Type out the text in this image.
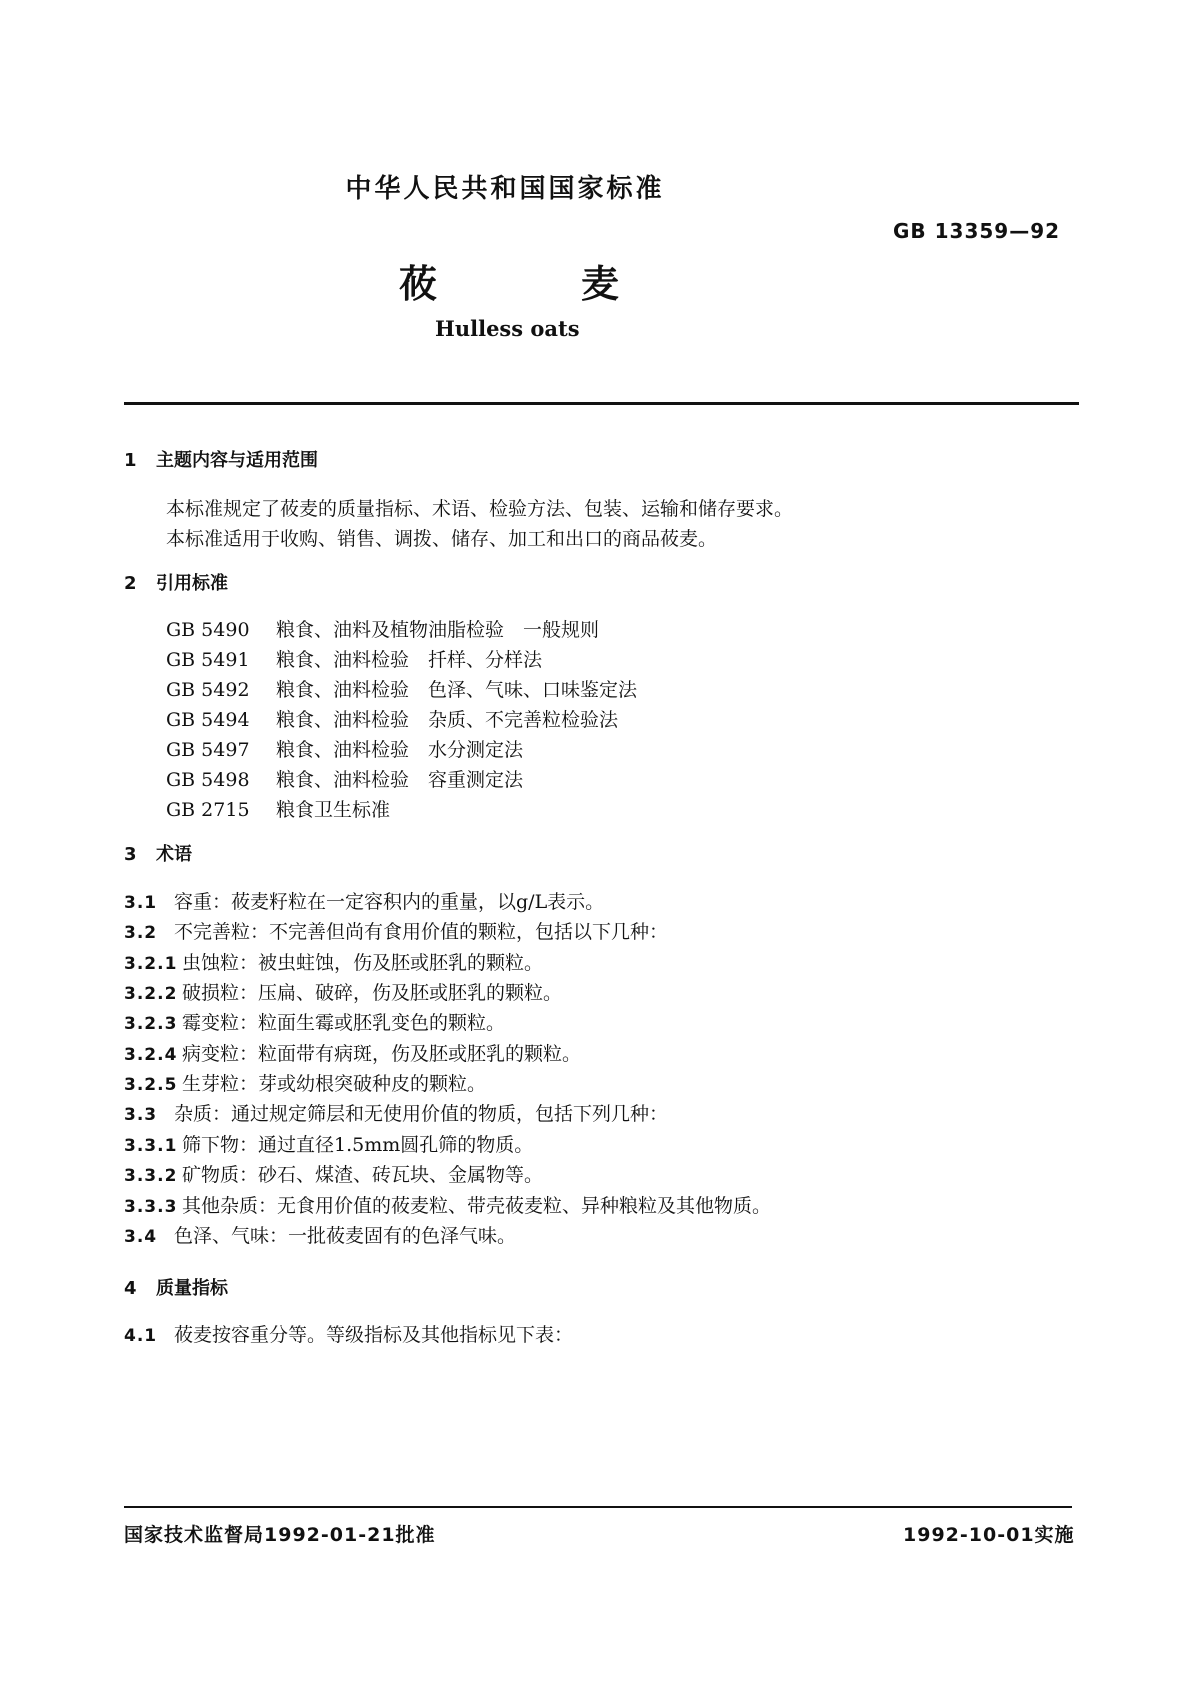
中华人民共和国国家标准
GB 13359—92
莜	麦
Hulless oats
1 主题内容与适用范围
本标准规定了莜麦的质量指标、术语、检验方法、包装、运输和储存要求。
本标准适用于收购、销售、调拨、储存、加工和出口的商品莜麦。
2 引用标准
GB 5490 粮食、油料及植物油脂检验　一般规则
GB 5491 粮食、油料检验　扦样、分样法
GB 5492 粮食、油料检验　色泽、气味、口味鉴定法
GB 5494 粮食、油料检验　杂质、不完善粒检验法
GB 5497 粮食、油料检验　水分测定法
GB 5498 粮食、油料检验　容重测定法
GB 2715 粮食卫生标准
3 术语
3.1 容重：莜麦籽粒在一定容积内的重量，以g/L表示。
3.2 不完善粒：不完善但尚有食用价值的颗粒，包括以下几种：
3.2.1 虫蚀粒：被虫蛀蚀，伤及胚或胚乳的颗粒。
3.2.2 破损粒：压扁、破碎，伤及胚或胚乳的颗粒。
3.2.3 霉变粒：粒面生霉或胚乳变色的颗粒。
3.2.4 病变粒：粒面带有病斑，伤及胚或胚乳的颗粒。
3.2.5 生芽粒：芽或幼根突破种皮的颗粒。
3.3 杂质：通过规定筛层和无使用价值的物质，包括下列几种：
3.3.1 筛下物：通过直径1.5mm圆孔筛的物质。
3.3.2 矿物质：砂石、煤渣、砖瓦块、金属物等。
3.3.3 其他杂质：无食用价值的莜麦粒、带壳莜麦粒、异种粮粒及其他物质。
3.4 色泽、气味：一批莜麦固有的色泽气味。
4 质量指标
4.1 莜麦按容重分等。等级指标及其他指标见下表：
国家技术监督局1992-01-21批准	1992-10-01实施
